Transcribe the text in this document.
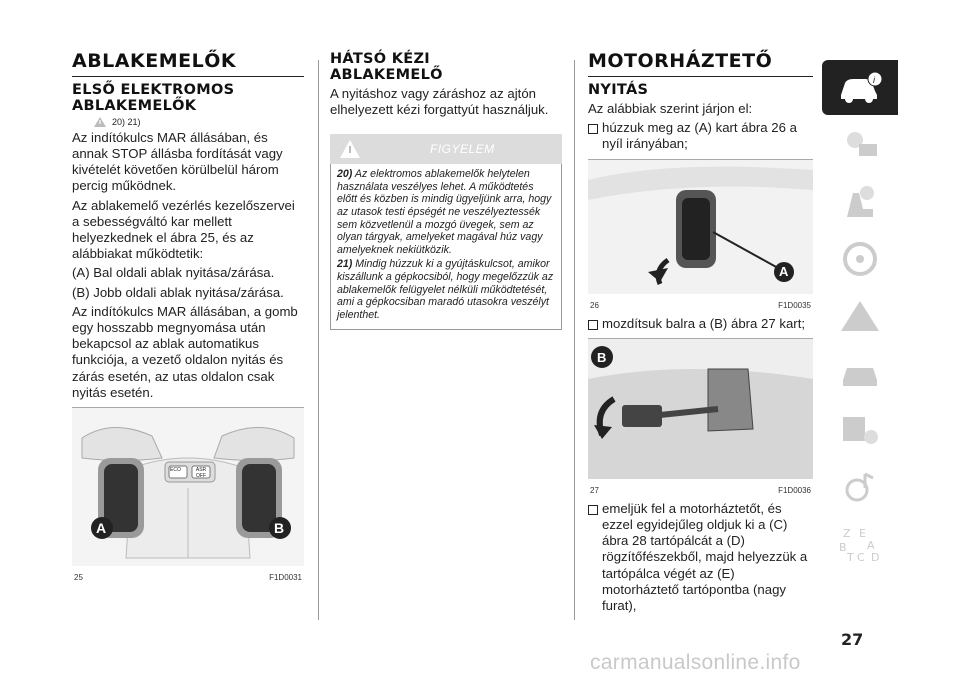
ABLAKEMELŐK
ELSŐ ELEKTROMOS ABLAKEMELŐK
20) 21)

Az indítókulcs MAR állásában, és annak STOP állásba fordítását vagy kivételét követően körülbelül három percig működnek.

Az ablakemelő vezérlés kezelőszervei a sebességváltó kar mellett helyezkednek el ábra 25, és az alábbiakat működtetik:

(A) Bal oldali ablak nyitása/zárása.

(B) Jobb oldali ablak nyitása/zárása.

Az indítókulcs MAR állásában, a gomb egy hosszabb megnyomása után bekapcsol az ablak automatikus funkciója, a vezető oldalon nyitás és zárás esetén, az utas oldalon csak nyitás esetén.

A	B
ECO	ASR OFF
25	F1D0031
HÁTSÓ KÉZI ABLAKEMELŐ

A nyitáshoz vagy záráshoz az ajtón elhelyezett kézi forgattyút használjuk.

FIGYELEM

20) Az elektromos ablakemelők helytelen használata veszélyes lehet. A működtetés előtt és közben is mindig ügyeljünk arra, hogy az utasok testi épségét ne veszélyeztessék sem közvetlenül a mozgó üvegek, sem az olyan tárgyak, amelyeket magával húz vagy amelyeknek nekiütközik.

21) Mindig húzzuk ki a gyújtáskulcsot, amikor kiszállunk a gépkocsiból, hogy megelőzzük az ablakemelők felügyelet nélküli működtetését, ami a gépkocsiban maradó utasokra veszélyt jelenthet.

MOTORHÁZTETŐ
NYITÁS

Az alábbiak szerint járjon el:

húzzuk meg az (A) kart ábra 26 a nyíl irányában;

A
26	F1D0035

mozdítsuk balra a (B) ábra 27 kart;

B
27	F1D0036

emeljük fel a motorháztetőt, és ezzel egyidejűleg oldjuk ki a (C) ábra 28 tartópálcát a (D) rögzítőfészekből, majd helyezzük a tartópálca végét az (E) motorháztető tartópontba (nagy furat),

i
Z E
A
B
D
C
T
27
carmanualsonline.info
